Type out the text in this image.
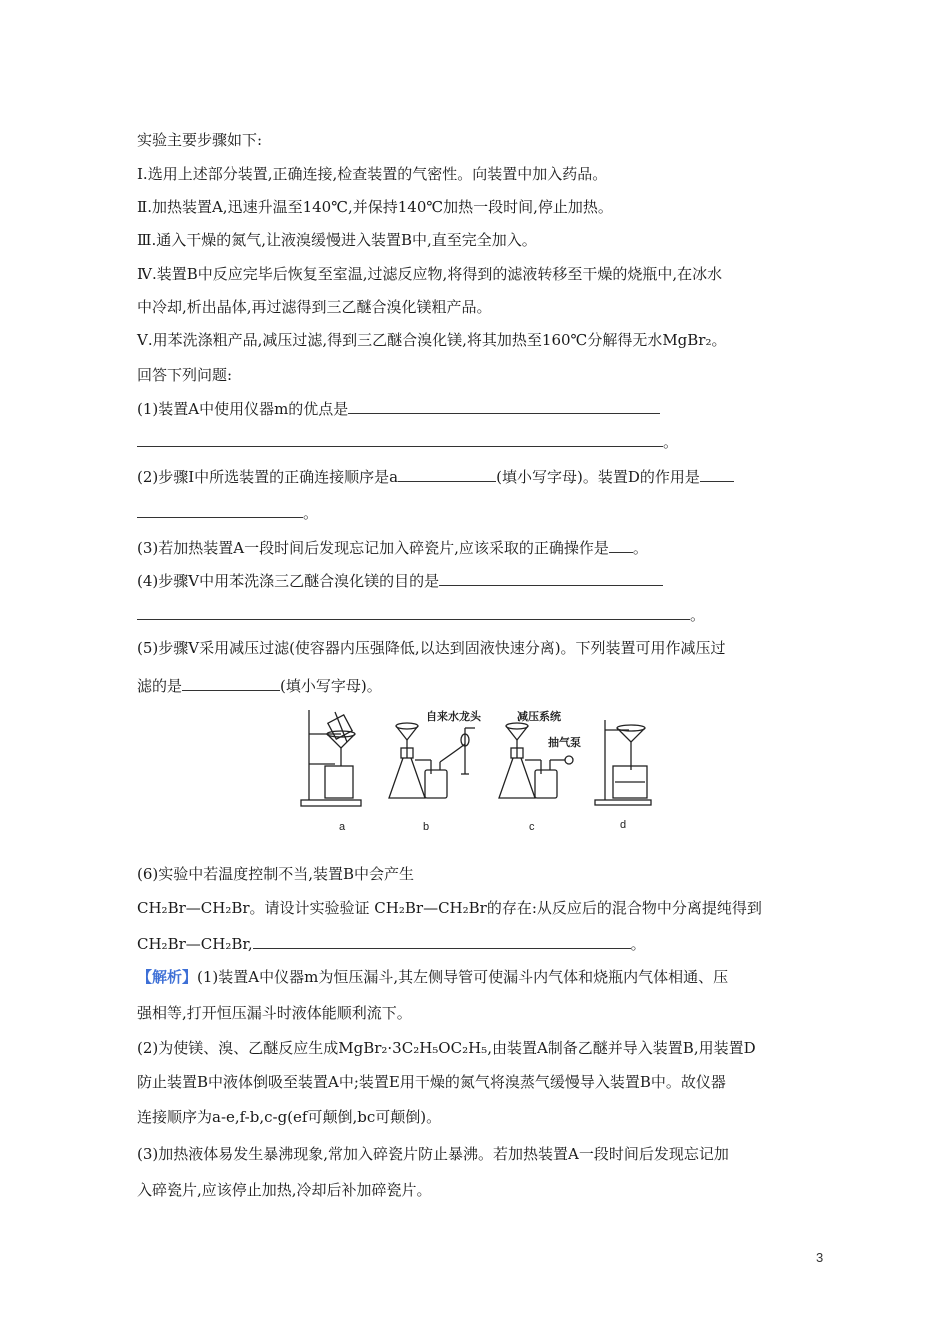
实验主要步骤如下:
Ⅰ.选用上述部分装置,正确连接,检查装置的气密性。向装置中加入药品。
Ⅱ.加热装置A,迅速升温至140℃,并保持140℃加热一段时间,停止加热。
Ⅲ.通入干燥的氮气,让液溴缓慢进入装置B中,直至完全加入。
Ⅳ.装置B中反应完毕后恢复至室温,过滤反应物,将得到的滤液转移至干燥的烧瓶中,在冰水
中冷却,析出晶体,再过滤得到三乙醚合溴化镁粗产品。
Ⅴ.用苯洗涤粗产品,减压过滤,得到三乙醚合溴化镁,将其加热至160℃分解得无水MgBr₂。
回答下列问题:
(1)装置A中使用仪器m的优点是
。
(2)步骤Ⅰ中所选装置的正确连接顺序是a	(填小写字母)。装置D的作用是
。
(3)若加热装置A一段时间后发现忘记加入碎瓷片,应该采取的正确操作是 。
(4)步骤Ⅴ中用苯洗涤三乙醚合溴化镁的目的是
。
(5)步骤Ⅴ采用减压过滤(使容器内压强降低,以达到固液快速分离)。下列装置可用作减压过
滤的是	(填小写字母)。
自来水龙头	减压系统
抽气泵
a	b	c	d
(6)实验中若温度控制不当,装置B中会产生
CH₂Br—CH₂Br。请设计实验验证 CH₂Br—CH₂Br的存在:从反应后的混合物中分离提纯得到
CH₂Br—CH₂Br,	。
【解析】(1)装置A中仪器m为恒压漏斗,其左侧导管可使漏斗内气体和烧瓶内气体相通、压
强相等,打开恒压漏斗时液体能顺利流下。
(2)为使镁、溴、乙醚反应生成MgBr₂·3C₂H₅OC₂H₅,由装置A制备乙醚并导入装置B,用装置D
防止装置B中液体倒吸至装置A中;装置E用干燥的氮气将溴蒸气缓慢导入装置B中。故仪器
连接顺序为a-e,f-b,c-g(ef可颠倒,bc可颠倒)。
(3)加热液体易发生暴沸现象,常加入碎瓷片防止暴沸。若加热装置A一段时间后发现忘记加
入碎瓷片,应该停止加热,冷却后补加碎瓷片。
3
